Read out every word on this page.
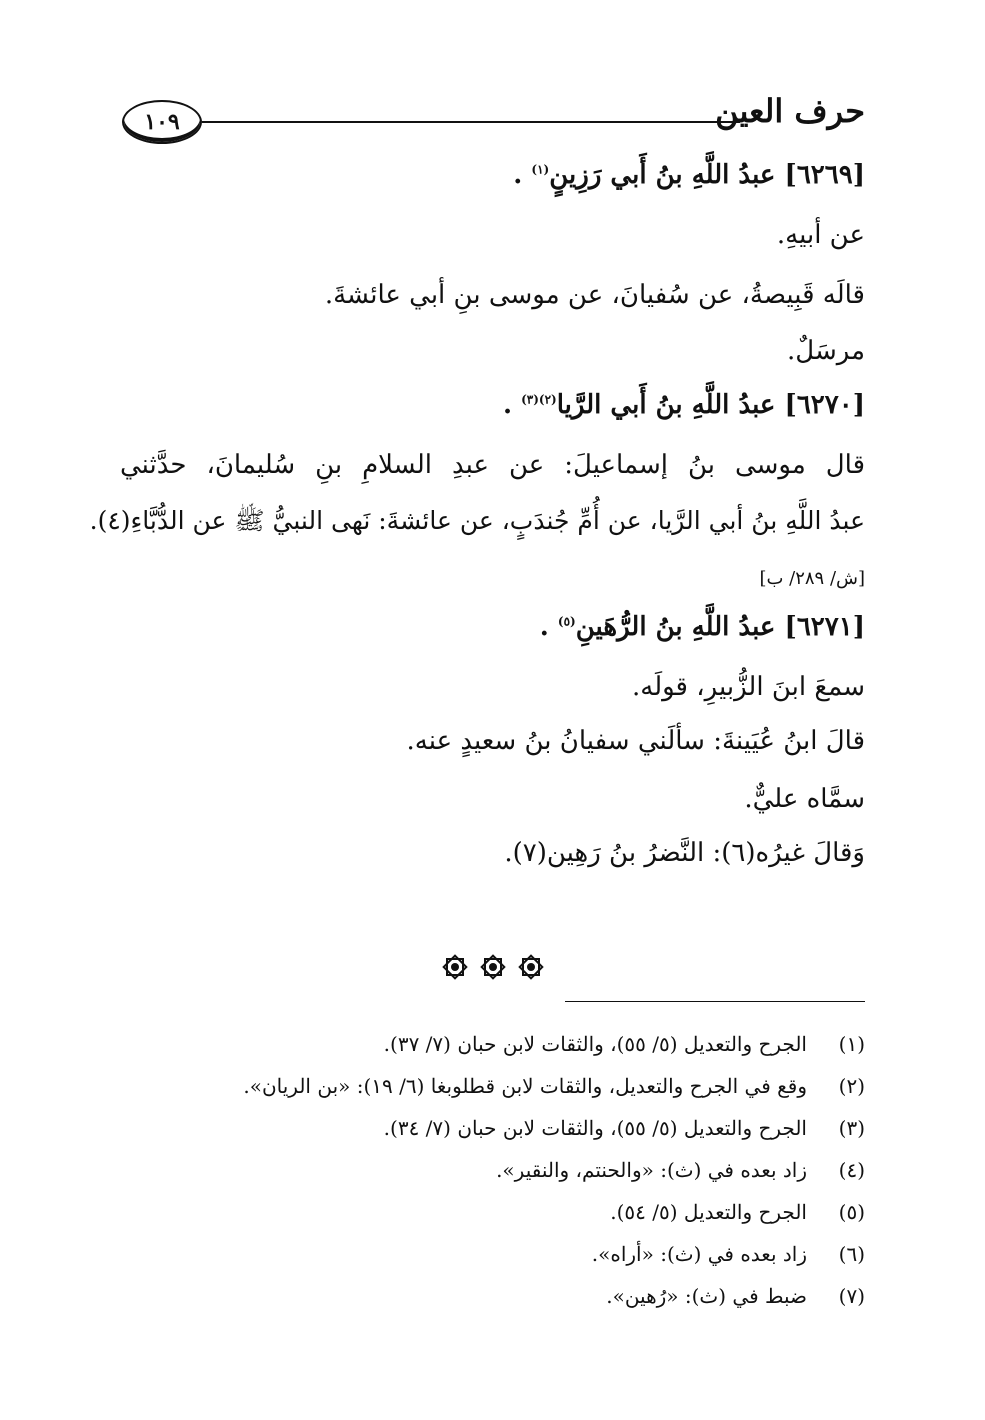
حرف العين
١٠٩
[٦٢٦٩] عبدُ اللَّهِ بنُ أَبي رَزِينٍ$^{(١)}$ .
عن أبيهِ.
قالَه قَبِيصةُ، عن سُفيانَ، عن موسى بنِ أبي عائشةَ.
مرسَلٌ.
[٦٢٧٠] عبدُ اللَّهِ بنُ أَبي الرَّيا$^{(٢)(٣)}$ .
قال موسى بنُ إسماعيلَ: عن عبدِ السلامِ بنِ سُليمانَ، حدَّثني
عبدُ اللَّهِ بنُ أبي الرَّيا، عن أُمِّ جُندَبٍ، عن عائشةَ: نَهى النبيُّ ﷺ عن الدُّبَّاءِ(٤).
[ش/ ٢٨٩/ ب]
[٦٢٧١] عبدُ اللَّهِ بنُ الرُّهَينِ$^{(٥)}$ .
سمعَ ابنَ الزُّبيرِ، قولَه.
قالَ ابنُ عُيَينةَ: سألَني سفيانُ بنُ سعيدٍ عنه.
سمَّاه عليٌّ.
وَقالَ غيرُه(٦): النَّضرُ بنُ رَهِين(٧).
(١)الجرح والتعديل (٥/ ٥٥)، والثقات لابن حبان (٧/ ٣٧).
(٢)وقع في الجرح والتعديل، والثقات لابن قطلوبغا (٦/ ١٩): «بن الريان».
(٣)الجرح والتعديل (٥/ ٥٥)، والثقات لابن حبان (٧/ ٣٤).
(٤)زاد بعده في (ث): «والحنتم، والنقير».
(٥)الجرح والتعديل (٥/ ٥٤).
(٦)زاد بعده في (ث): «أراه».
(٧)ضبط في (ث): «رُهين».
